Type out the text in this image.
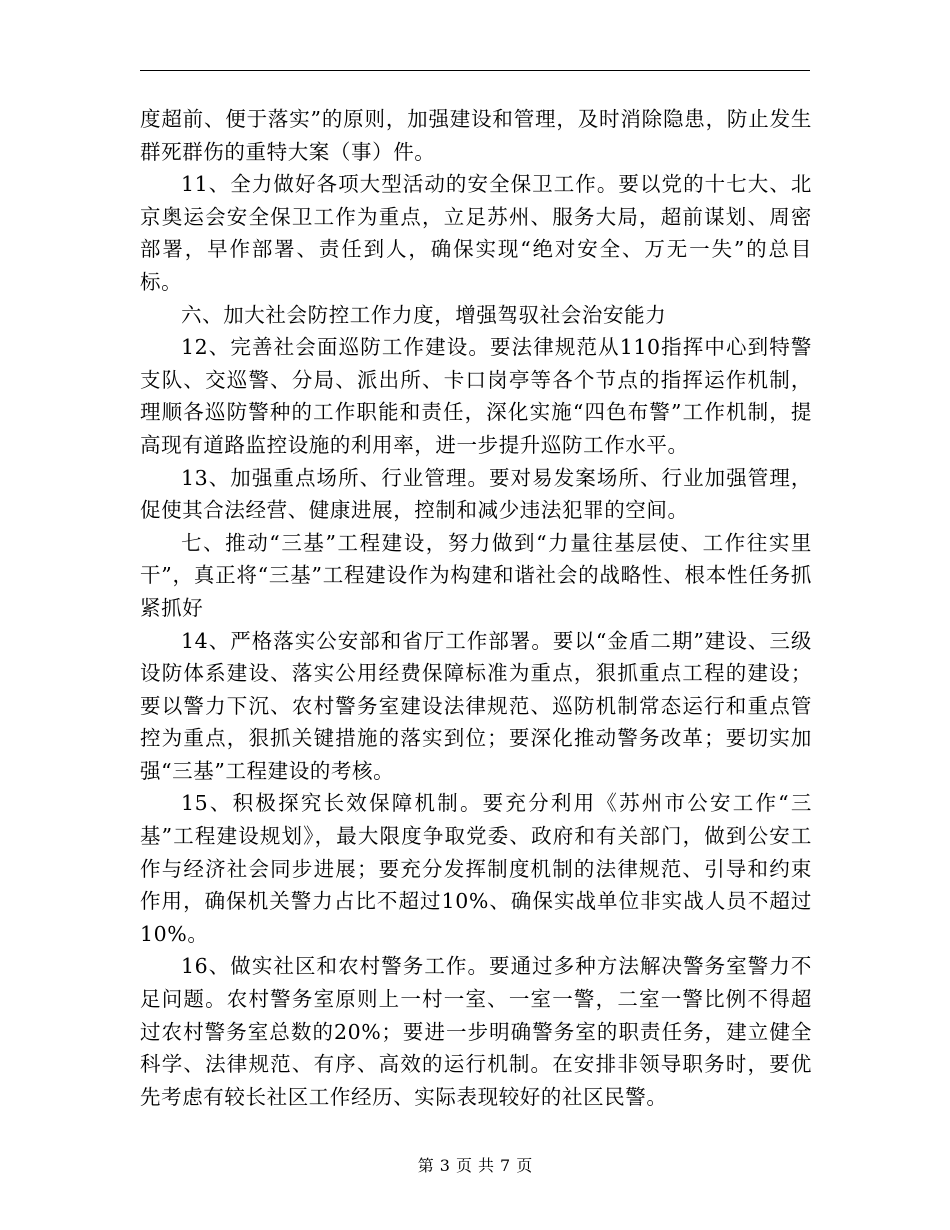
度超前、便于落实”的原则，加强建设和管理，及时消除隐患，防止发生群死群伤的重特大案（事）件。

11、全力做好各项大型活动的安全保卫工作。要以党的十七大、北京奥运会安全保卫工作为重点，立足苏州、服务大局，超前谋划、周密部署，早作部署、责任到人，确保实现“绝对安全、万无一失”的总目标。

六、加大社会防控工作力度，增强驾驭社会治安能力

12、完善社会面巡防工作建设。要法律规范从110指挥中心到特警支队、交巡警、分局、派出所、卡口岗亭等各个节点的指挥运作机制，理顺各巡防警种的工作职能和责任，深化实施“四色布警”工作机制，提高现有道路监控设施的利用率，进一步提升巡防工作水平。

13、加强重点场所、行业管理。要对易发案场所、行业加强管理，促使其合法经营、健康进展，控制和减少违法犯罪的空间。

七、推动“三基”工程建设，努力做到“力量往基层使、工作往实里干”，真正将“三基”工程建设作为构建和谐社会的战略性、根本性任务抓紧抓好

14、严格落实公安部和省厅工作部署。要以“金盾二期”建设、三级设防体系建设、落实公用经费保障标准为重点，狠抓重点工程的建设；要以警力下沉、农村警务室建设法律规范、巡防机制常态运行和重点管控为重点，狠抓关键措施的落实到位；要深化推动警务改革；要切实加强“三基”工程建设的考核。

15、积极探究长效保障机制。要充分利用《苏州市公安工作“三基”工程建设规划》，最大限度争取党委、政府和有关部门，做到公安工作与经济社会同步进展；要充分发挥制度机制的法律规范、引导和约束作用，确保机关警力占比不超过10%、确保实战单位非实战人员不超过10%。

16、做实社区和农村警务工作。要通过多种方法解决警务室警力不足问题。农村警务室原则上一村一室、一室一警，二室一警比例不得超过农村警务室总数的20%；要进一步明确警务室的职责任务，建立健全科学、法律规范、有序、高效的运行机制。在安排非领导职务时，要优先考虑有较长社区工作经历、实际表现较好的社区民警。

第 3 页 共 7 页
